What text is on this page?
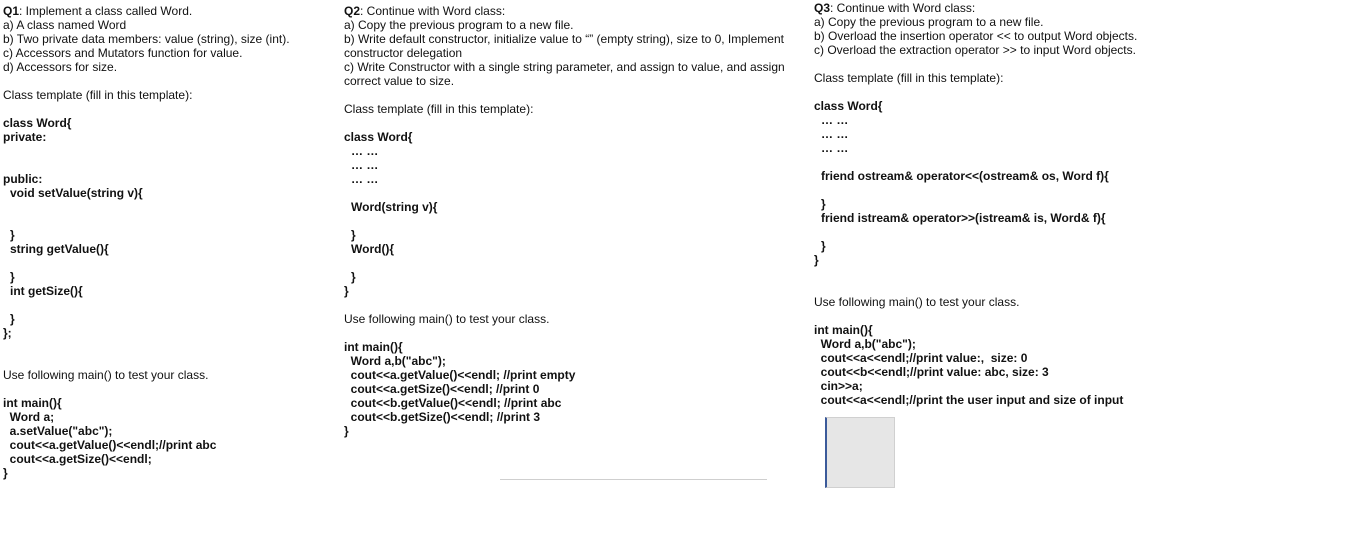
Q1: Implement a class called Word.
a) A class named Word
b) Two private data members: value (string), size (int).
c) Accessors and Mutators function for value.
d) Accessors for size.
Class template (fill in this template):
class Word{
private:
public:
void setValue(string v){
}
string getValue(){
}
int getSize(){
}
};
Use following main() to test your class.
int main(){
Word a;
a.setValue("abc");
cout<<a.getValue()<<endl;//print abc
cout<<a.getSize()<<endl;
}
Q2: Continue with Word class:
a) Copy the previous program to a new file.
b) Write default constructor, initialize value to “” (empty string), size to 0, Implement constructor delegation
c) Write Constructor with a single string parameter, and assign to value, and assign correct value to size.
Class template (fill in this template):
class Word{
… …
… …
… …
Word(string v){
}
Word(){
}
}
Use following main() to test your class.
int main(){
Word a,b("abc");
cout<<a.getValue()<<endl; //print empty
cout<<a.getSize()<<endl; //print 0
cout<<b.getValue()<<endl; //print abc
cout<<b.getSize()<<endl; //print 3
}
Q3: Continue with Word class:
a) Copy the previous program to a new file.
b) Overload the insertion operator << to output Word objects.
c) Overload the extraction operator >> to input Word objects.
Class template (fill in this template):
class Word{
… …
… …
… …
friend ostream& operator<<(ostream& os, Word f){
}
friend istream& operator>>(istream& is, Word& f){
}
}
Use following main() to test your class.
int main(){
Word a,b("abc");
cout<<a<<endl;//print value:,  size: 0
cout<<b<<endl;//print value: abc, size: 3
cin>>a;
cout<<a<<endl;//print the user input and size of input
